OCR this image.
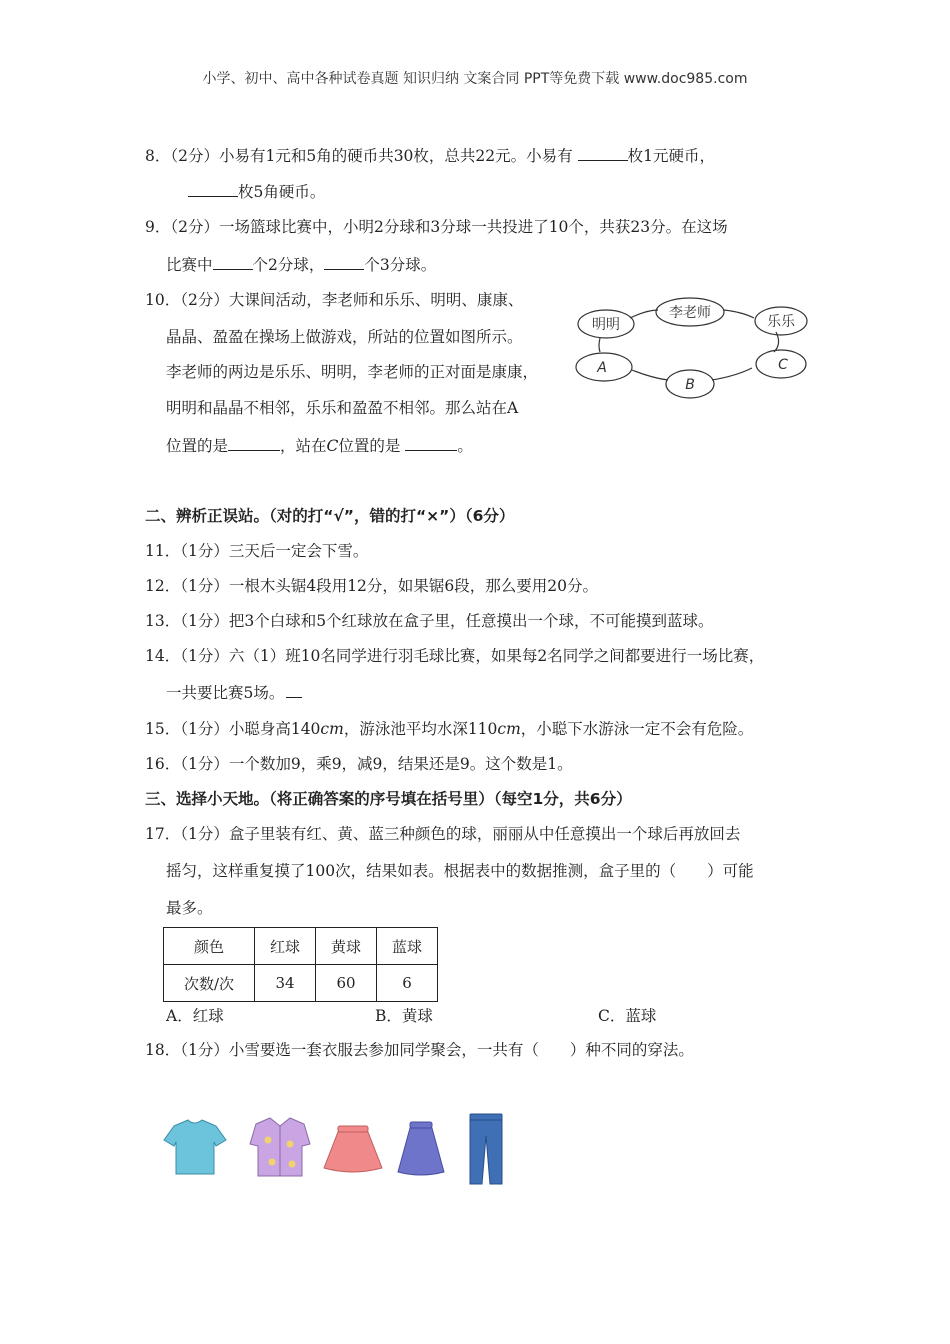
小学、初中、高中各种试卷真题 知识归纳 文案合同 PPT等免费下载 www.doc985.com
8．（2分）小易有1元和5角的硬币共30枚，总共22元。小易有	枚1元硬币，
枚5角硬币。
9．（2分）一场篮球比赛中，小明2分球和3分球一共投进了10个，共获23分。在这场
比赛中	个2分球，	个3分球。
10．（2分）大课间活动，李老师和乐乐、明明、康康、
晶晶、盈盈在操场上做游戏，所站的位置如图所示。
李老师的两边是乐乐、明明，李老师的正对面是康康，
明明和晶晶不相邻，乐乐和盈盈不相邻。那么站在A
位置的是	，站在C位置的是	。
李老师
明明	乐乐
A
B
C
二、辨析正误站。（对的打“√”，错的打“×”）（6分）
11．（1分）三天后一定会下雪。
12．（1分）一根木头锯4段用12分，如果锯6段，那么要用20分。
13．（1分）把3个白球和5个红球放在盒子里，任意摸出一个球，不可能摸到蓝球。
14．（1分）六（1）班10名同学进行羽毛球比赛，如果每2名同学之间都要进行一场比赛，
一共要比赛5场。
15．（1分）小聪身高140cm，游泳池平均水深110cm，小聪下水游泳一定不会有危险。
16．（1分）一个数加9，乘9，减9，结果还是9。这个数是1。
三、选择小天地。（将正确答案的序号填在括号里）（每空1分，共6分）
17．（1分）盒子里装有红、黄、蓝三种颜色的球，丽丽从中任意摸出一个球后再放回去
摇匀，这样重复摸了100次，结果如表。根据表中的数据推测，盒子里的（　　）可能
最多。
颜色	红球	黄球	蓝球
次数/次	34	60	6
A．红球	B．黄球	C．蓝球
18．（1分）小雪要选一套衣服去参加同学聚会，一共有（　　）种不同的穿法。
